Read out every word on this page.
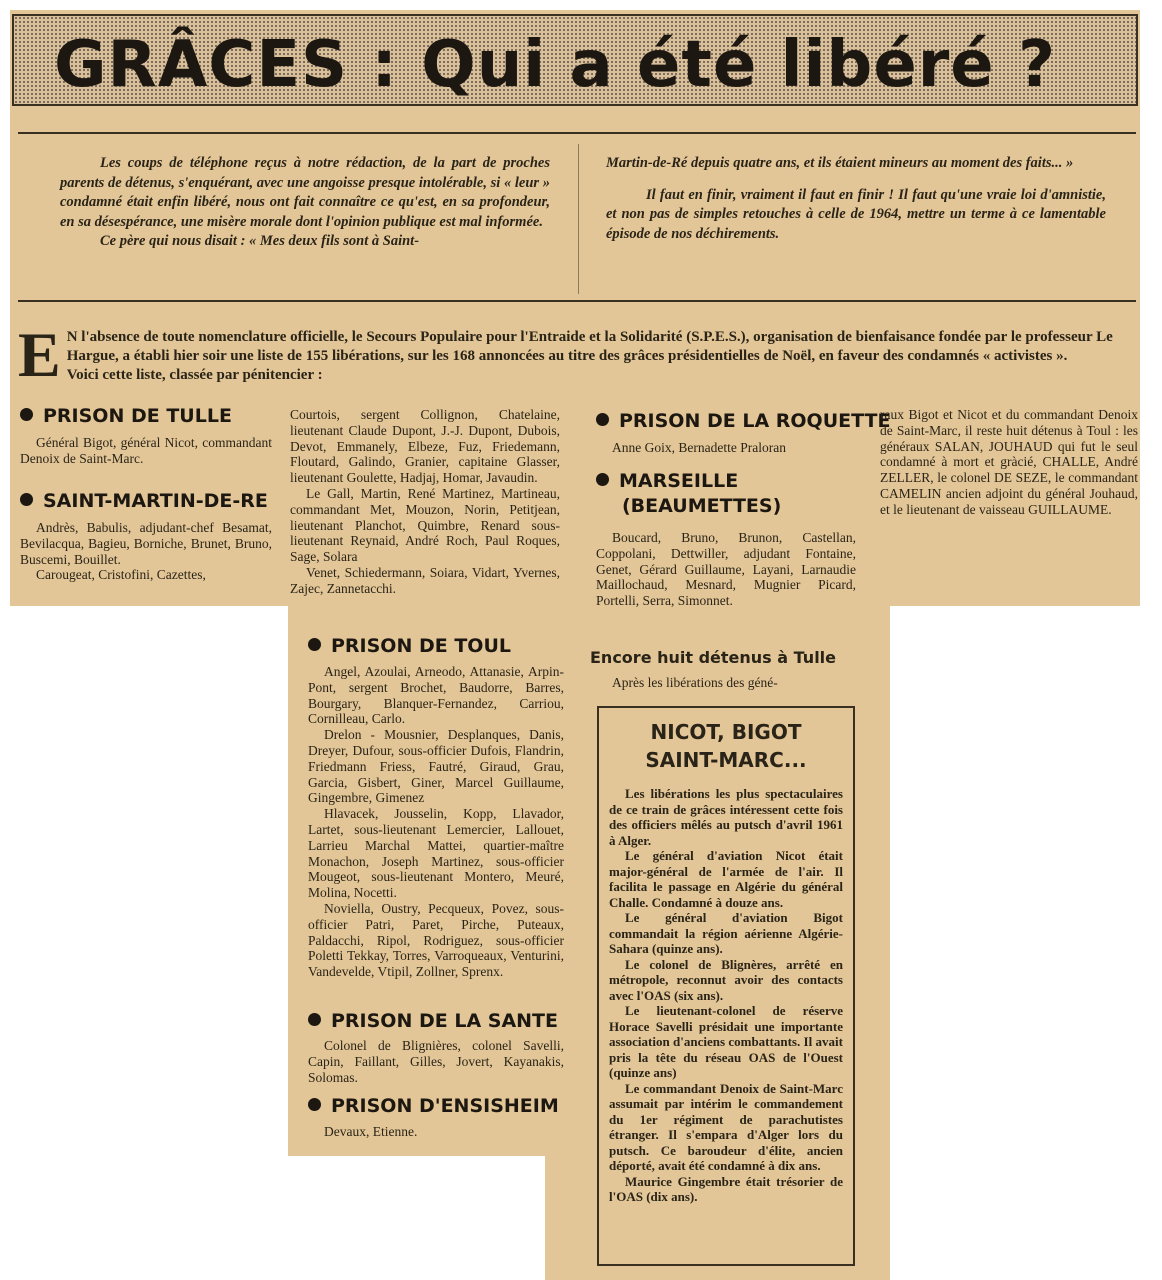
GRÂCES : Qui a été libéré ?

Les coups de téléphone reçus à notre rédaction, de la part de proches parents de détenus, s'enquérant, avec une angoisse presque intolérable, si « leur » condamné était enfin libéré, nous ont fait connaître ce qu'est, en sa profondeur, en sa désespérance, une misère morale dont l'opinion publique est mal informée.

Ce père qui nous disait : « Mes deux fils sont à Saint-

Martin-de-Ré depuis quatre ans, et ils étaient mineurs au moment des faits... »

Il faut en finir, vraiment il faut en finir ! Il faut qu'une vraie loi d'amnistie, et non pas de simples retouches à celle de 1964, mettre un terme à ce lamentable épisode de nos déchirements.

E N l'absence de toute nomenclature officielle, le Secours Populaire pour l'Entraide et la Solidarité (S.P.E.S.), organisation de bienfaisance fondée par le professeur Le Hargue, a établi hier soir une liste de 155 libérations, sur les 168 annoncées au titre des grâces présidentielles de Noël, en faveur des condamnés « activistes ».
Voici cette liste, classée par pénitencier :
PRISON DE TULLE

Général Bigot, général Nicot, commandant Denoix de Saint-Marc.

SAINT-MARTIN-DE-RE

Andrès, Babulis, adjudant-chef Besamat, Bevilacqua, Bagieu, Borniche, Brunet, Bruno, Buscemi, Bouillet.

Carougeat, Cristofini, Cazettes,

Courtois, sergent Collignon, Chatelaine, lieutenant Claude Dupont, J.-J. Dupont, Dubois, Devot, Emmanely, Elbeze, Fuz, Friedemann, Floutard, Galindo, Granier, capitaine Glasser, lieutenant Goulette, Hadjaj, Homar, Javaudin.

Le Gall, Martin, René Martinez, Martineau, commandant Met, Mouzon, Norin, Petitjean, lieutenant Planchot, Quimbre, Renard sous-lieutenant Reynaid, André Roch, Paul Roques, Sage, Solara

Venet, Schiedermann, Soiara, Vidart, Yvernes, Zajec, Zannetacchi.

PRISON DE TOUL

Angel, Azoulai, Arneodo, Attanasie, Arpin-Pont, sergent Brochet, Baudorre, Barres, Bourgary, Blanquer-Fernandez, Carriou, Cornilleau, Carlo.

Drelon - Mousnier, Desplanques, Danis, Dreyer, Dufour, sous-officier Dufois, Flandrin, Friedmann Friess, Fautré, Giraud, Grau, Garcia, Gisbert, Giner, Marcel Guillaume, Gingembre, Gimenez

Hlavacek, Jousselin, Kopp, Llavador, Lartet, sous-lieutenant Lemercier, Lallouet, Larrieu Marchal Mattei, quartier-maître Monachon, Joseph Martinez, sous-officier Mougeot, sous-lieutenant Montero, Meuré, Molina, Nocetti.

Noviella, Oustry, Pecqueux, Povez, sous-officier Patri, Paret, Pirche, Puteaux, Paldacchi, Ripol, Rodriguez, sous-officier Poletti Tekkay, Torres, Varroqueaux, Venturini, Vandevelde, Vtipil, Zollner, Sprenx.

PRISON DE LA SANTE

Colonel de Blignières, colonel Savelli, Capin, Faillant, Gilles, Jovert, Kayanakis, Solomas.

PRISON D'ENSISHEIM

Devaux, Etienne.

PRISON DE LA ROQUETTE

Anne Goix, Bernadette Praloran

MARSEILLE
(BEAUMETTES)

Boucard, Bruno, Brunon, Castellan, Coppolani, Dettwiller, adjudant Fontaine, Genet, Gérard Guillaume, Layani, Larnaudie Maillochaud, Mesnard, Mugnier Picard, Portelli, Serra, Simonnet.

Encore huit détenus à Tulle

Après les libérations des géné-

raux Bigot et Nicot et du commandant Denoix de Saint-Marc, il reste huit détenus à Toul : les généraux SALAN, JOUHAUD qui fut le seul condamné à mort et gràcié, CHALLE, André ZELLER, le colonel DE SEZE, le commandant CAMELIN ancien adjoint du général Jouhaud, et le lieutenant de vaisseau GUILLAUME.

NICOT, BIGOT
SAINT-MARC...

Les libérations les plus spectaculaires de ce train de grâces intéressent cette fois des officiers mêlés au putsch d'avril 1961 à Alger.

Le général d'aviation Nicot était major-général de l'armée de l'air. Il facilita le passage en Algérie du général Challe. Condamné à douze ans.

Le général d'aviation Bigot commandait la région aérienne Algérie-Sahara (quinze ans).

Le colonel de Blignères, arrêté en métropole, reconnut avoir des contacts avec l'OAS (six ans).

Le lieutenant-colonel de réserve Horace Savelli présidait une importante association d'anciens combattants. Il avait pris la tête du réseau OAS de l'Ouest (quinze ans)

Le commandant Denoix de Saint-Marc assumait par intérim le commandement du 1er régiment de parachutistes étranger. Il s'empara d'Alger lors du putsch. Ce baroudeur d'élite, ancien déporté, avait été condamné à dix ans.

Maurice Gingembre était trésorier de l'OAS (dix ans).
